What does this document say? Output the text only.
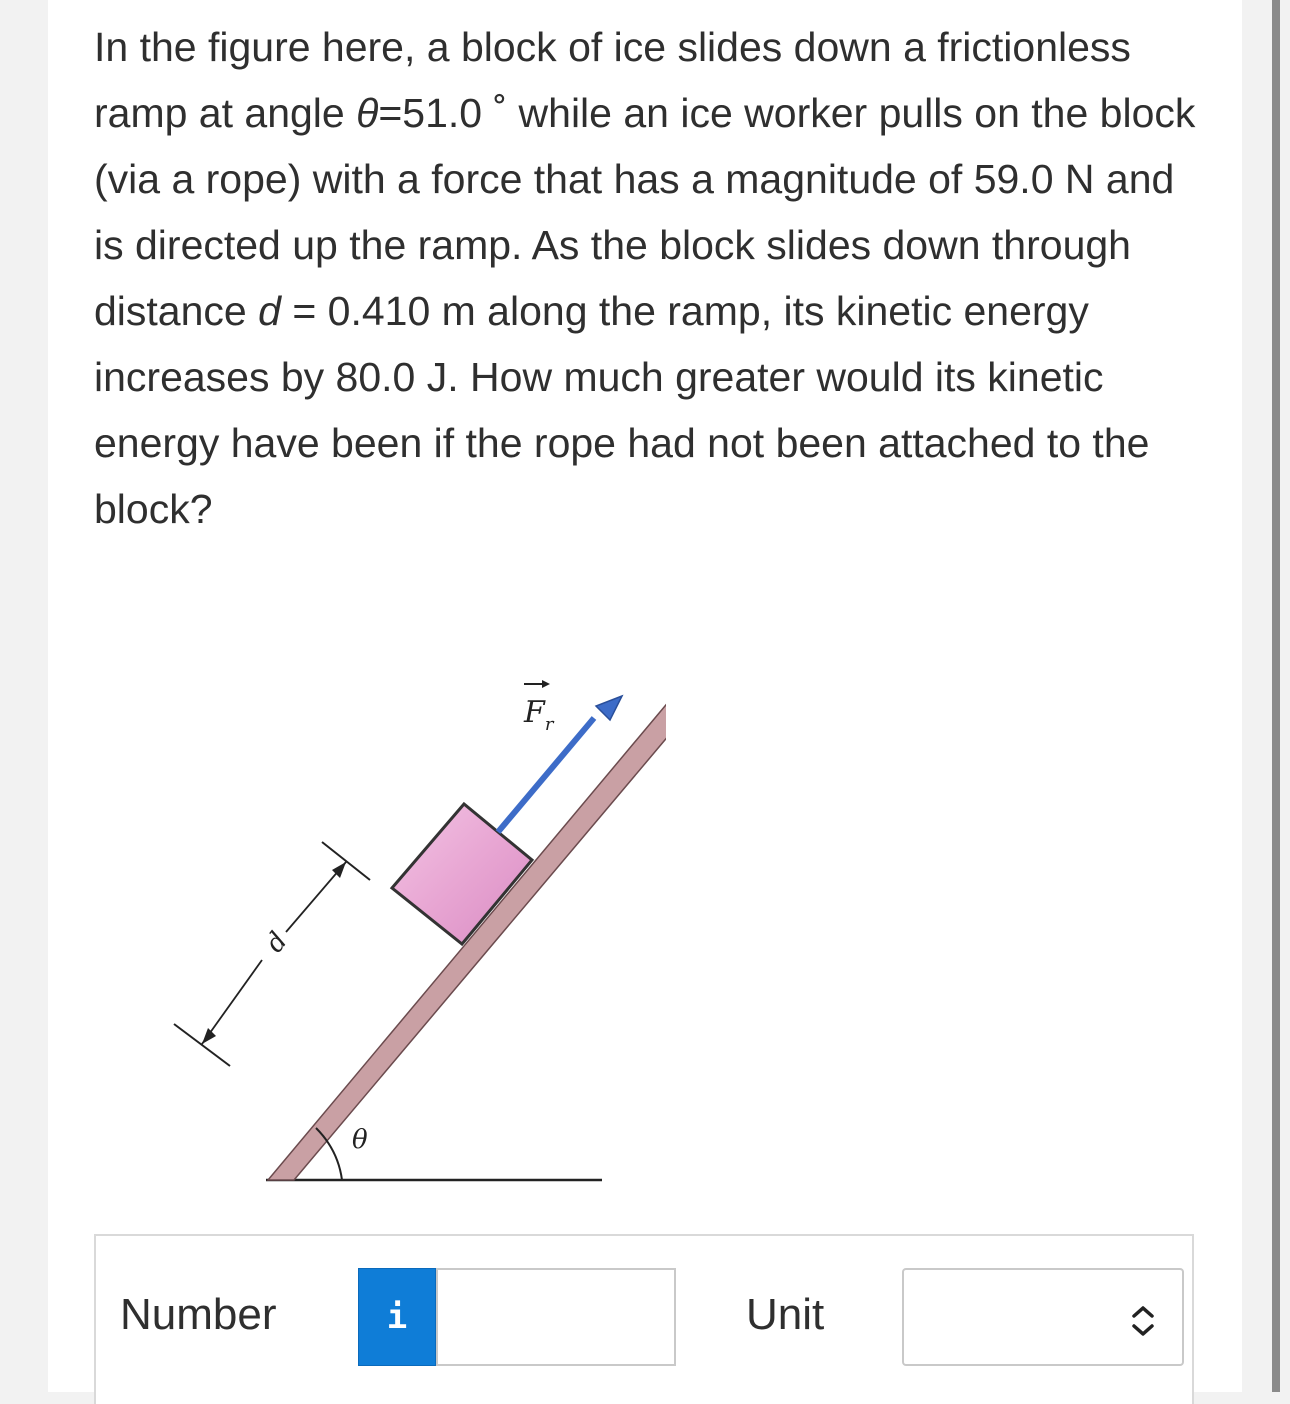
In the figure here, a block of ice slides down a frictionless ramp at angle θ=51.0 ˚ while an ice worker pulls on the block (via a rope) with a force that has a magnitude of 59.0 N and is directed up the ramp. As the block slides down through distance d = 0.410 m along the ramp, its kinetic energy increases by 80.0 J. How much greater would its kinetic energy have been if the rope had not been attached to the block?

θ
$F_r$
d
Number	i	Unit
